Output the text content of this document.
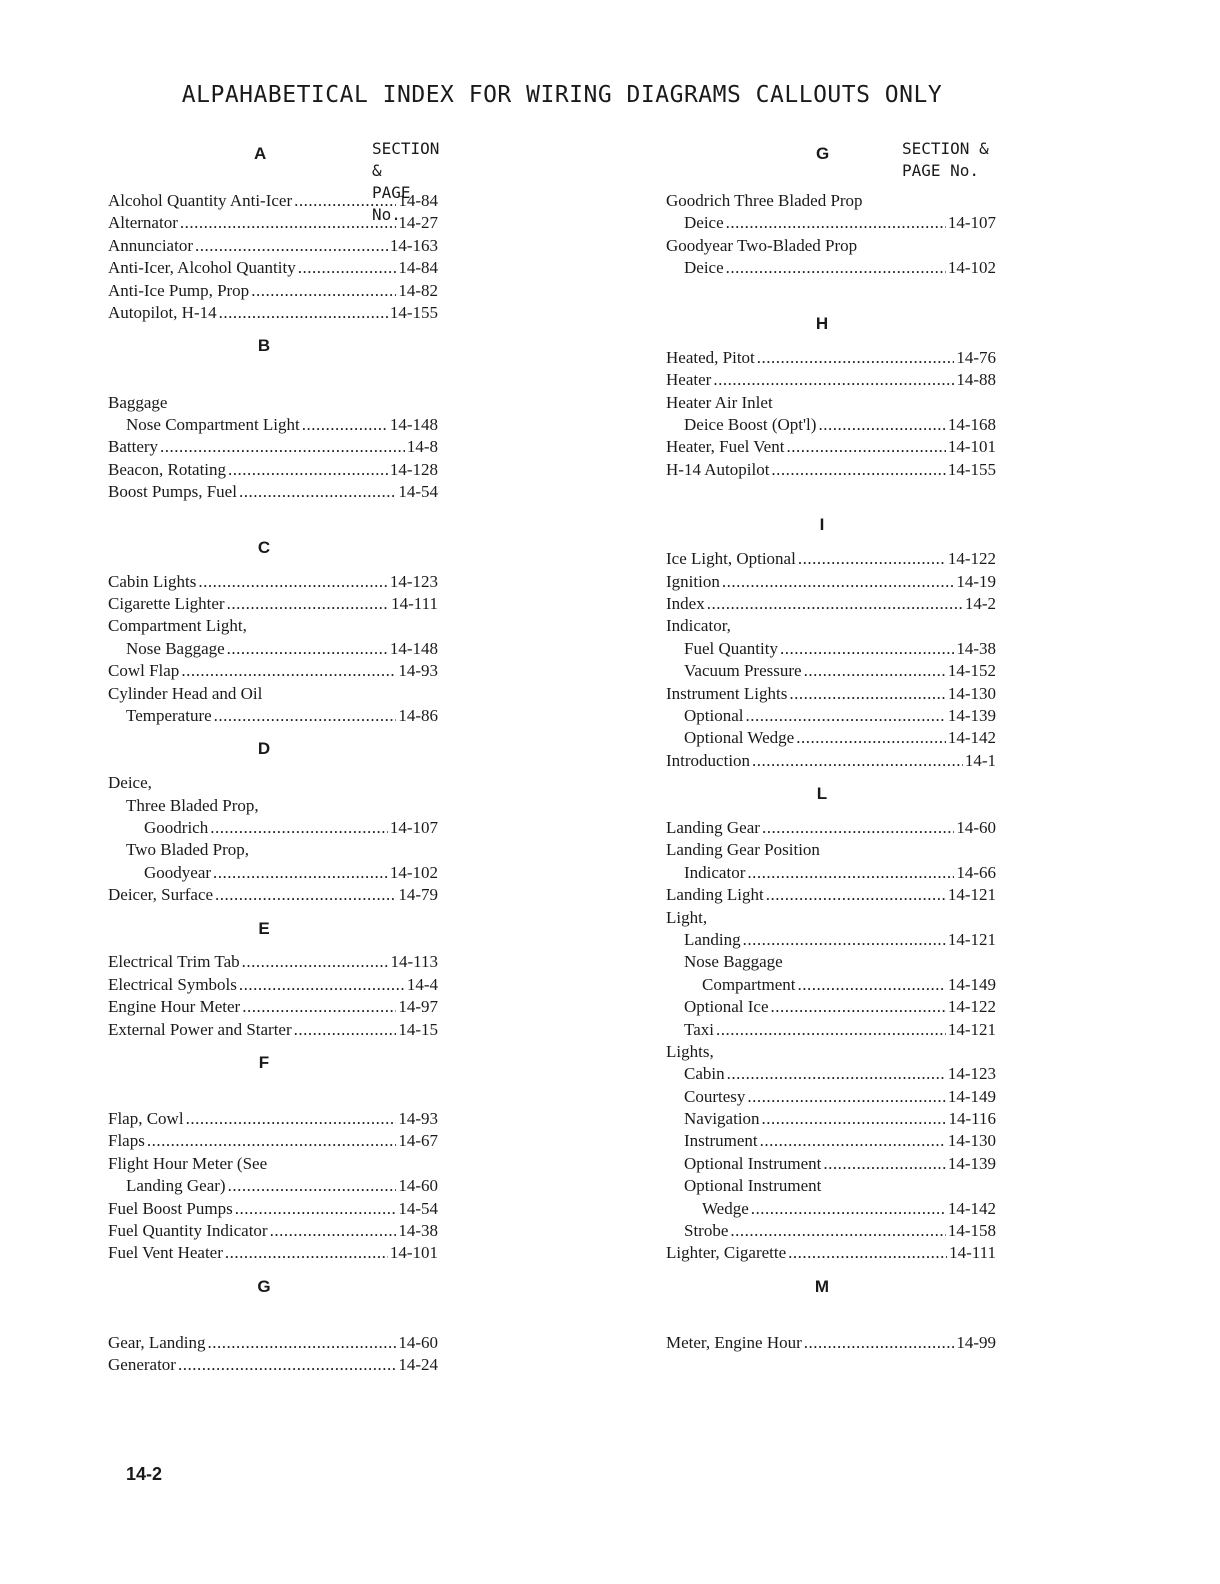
ALPAHABETICAL INDEX FOR WIRING DIAGRAMS CALLOUTS ONLY
A	SECTION &
PAGE No.
Alcohol Quantity Anti-Icer .....	14-84
Alternator .....	14-27
Annunciator .....	14-163
Anti-Icer, Alcohol Quantity .....	14-84
Anti-Ice Pump, Prop .....	14-82
Autopilot, H-14 .....	14-155
B
Baggage
Nose Compartment Light .....	14-148
Battery .....	14-8
Beacon, Rotating .....	14-128
Boost Pumps, Fuel .....	14-54
C
Cabin Lights .....	14-123
Cigarette Lighter .....	14-111
Compartment Light,
Nose Baggage .....	14-148
Cowl Flap .....	14-93
Cylinder Head and Oil
Temperature .....	14-86
D
Deice,
Three Bladed Prop,
Goodrich .....	14-107
Two Bladed Prop,
Goodyear .....	14-102
Deicer, Surface .....	14-79
E
Electrical Trim Tab .....	14-113
Electrical Symbols .....	14-4
Engine Hour Meter .....	14-97
External Power and Starter .....	14-15
F
Flap, Cowl .....	14-93
Flaps .....	14-67
Flight Hour Meter (See
Landing Gear) .....	14-60
Fuel Boost Pumps .....	14-54
Fuel Quantity Indicator .....	14-38
Fuel Vent Heater .....	14-101
G
Gear, Landing .....	14-60
Generator .....	14-24
G	SECTION &
PAGE No.
Goodrich Three Bladed Prop
Deice .....	14-107
Goodyear Two-Bladed Prop
Deice .....	14-102
H
Heated, Pitot .....	14-76
Heater .....	14-88
Heater Air Inlet
Deice Boost (Opt'l) .....	14-168
Heater, Fuel Vent .....	14-101
H-14 Autopilot .....	14-155
I
Ice Light, Optional .....	14-122
Ignition .....	14-19
Index .....	14-2
Indicator,
Fuel Quantity .....	14-38
Vacuum Pressure .....	14-152
Instrument Lights .....	14-130
Optional .....	14-139
Optional Wedge .....	14-142
Introduction .....	14-1
L
Landing Gear .....	14-60
Landing Gear Position
Indicator .....	14-66
Landing Light .....	14-121
Light,
Landing .....	14-121
Nose Baggage
Compartment .....	14-149
Optional Ice .....	14-122
Taxi .....	14-121
Lights,
Cabin .....	14-123
Courtesy .....	14-149
Navigation .....	14-116
Instrument .....	14-130
Optional Instrument .....	14-139
Optional Instrument
Wedge .....	14-142
Strobe .....	14-158
Lighter, Cigarette .....	14-111
M
Meter, Engine Hour .....	14-99
14-2
